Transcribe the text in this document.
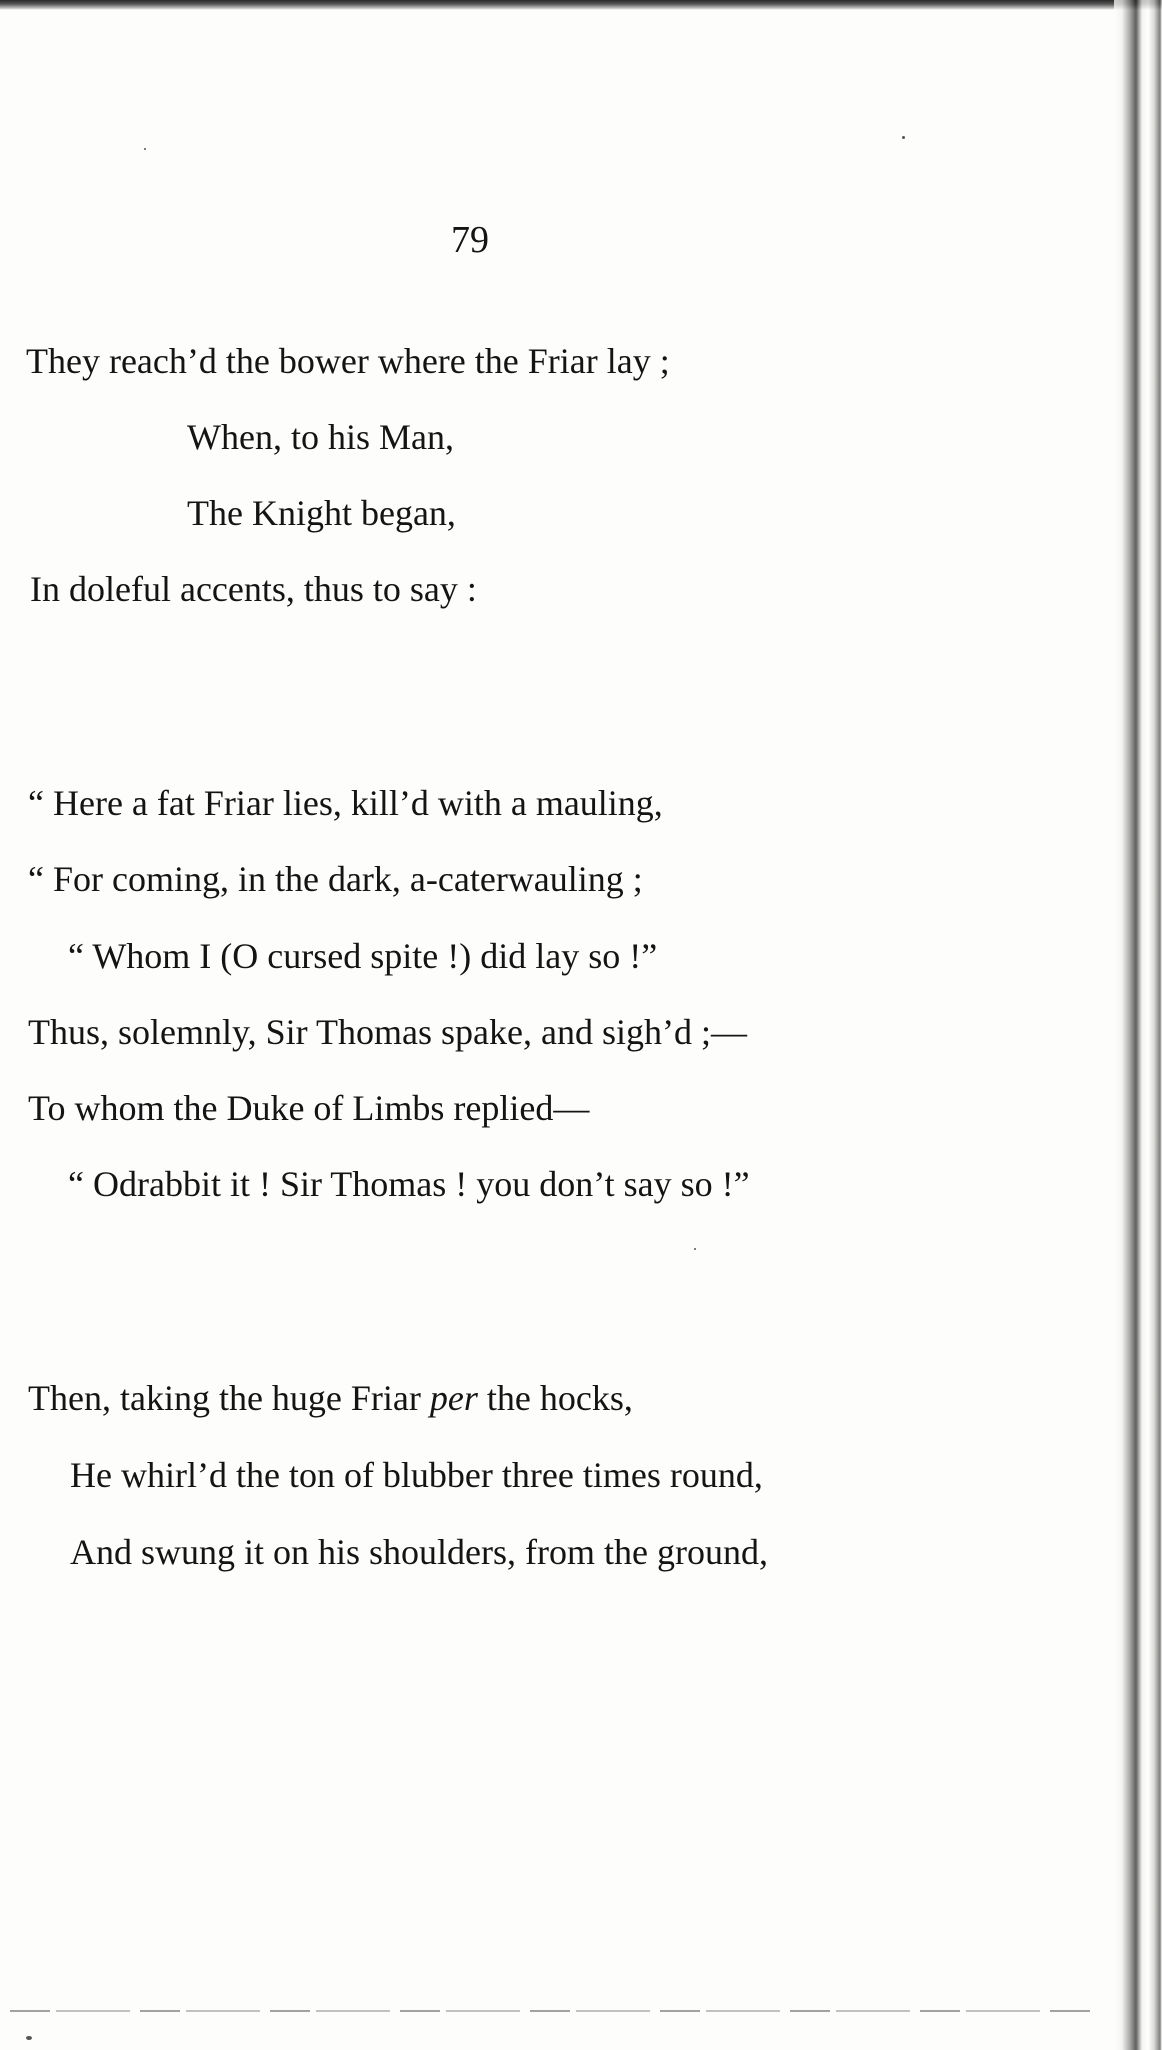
79
They reach’d the bower where the Friar lay ;
When, to his Man,
The Knight began,
In doleful accents, thus to say :
“ Here a fat Friar lies, kill’d with a mauling,
“ For coming, in the dark, a-caterwauling ;
“ Whom I (O cursed spite !) did lay so !”
Thus, solemnly, Sir Thomas spake, and sigh’d ;—
To whom the Duke of Limbs replied—
“ Odrabbit it ! Sir Thomas ! you don’t say so !”
Then, taking the huge Friar per the hocks,
He whirl’d the ton of blubber three times round,
And swung it on his shoulders, from the ground,
